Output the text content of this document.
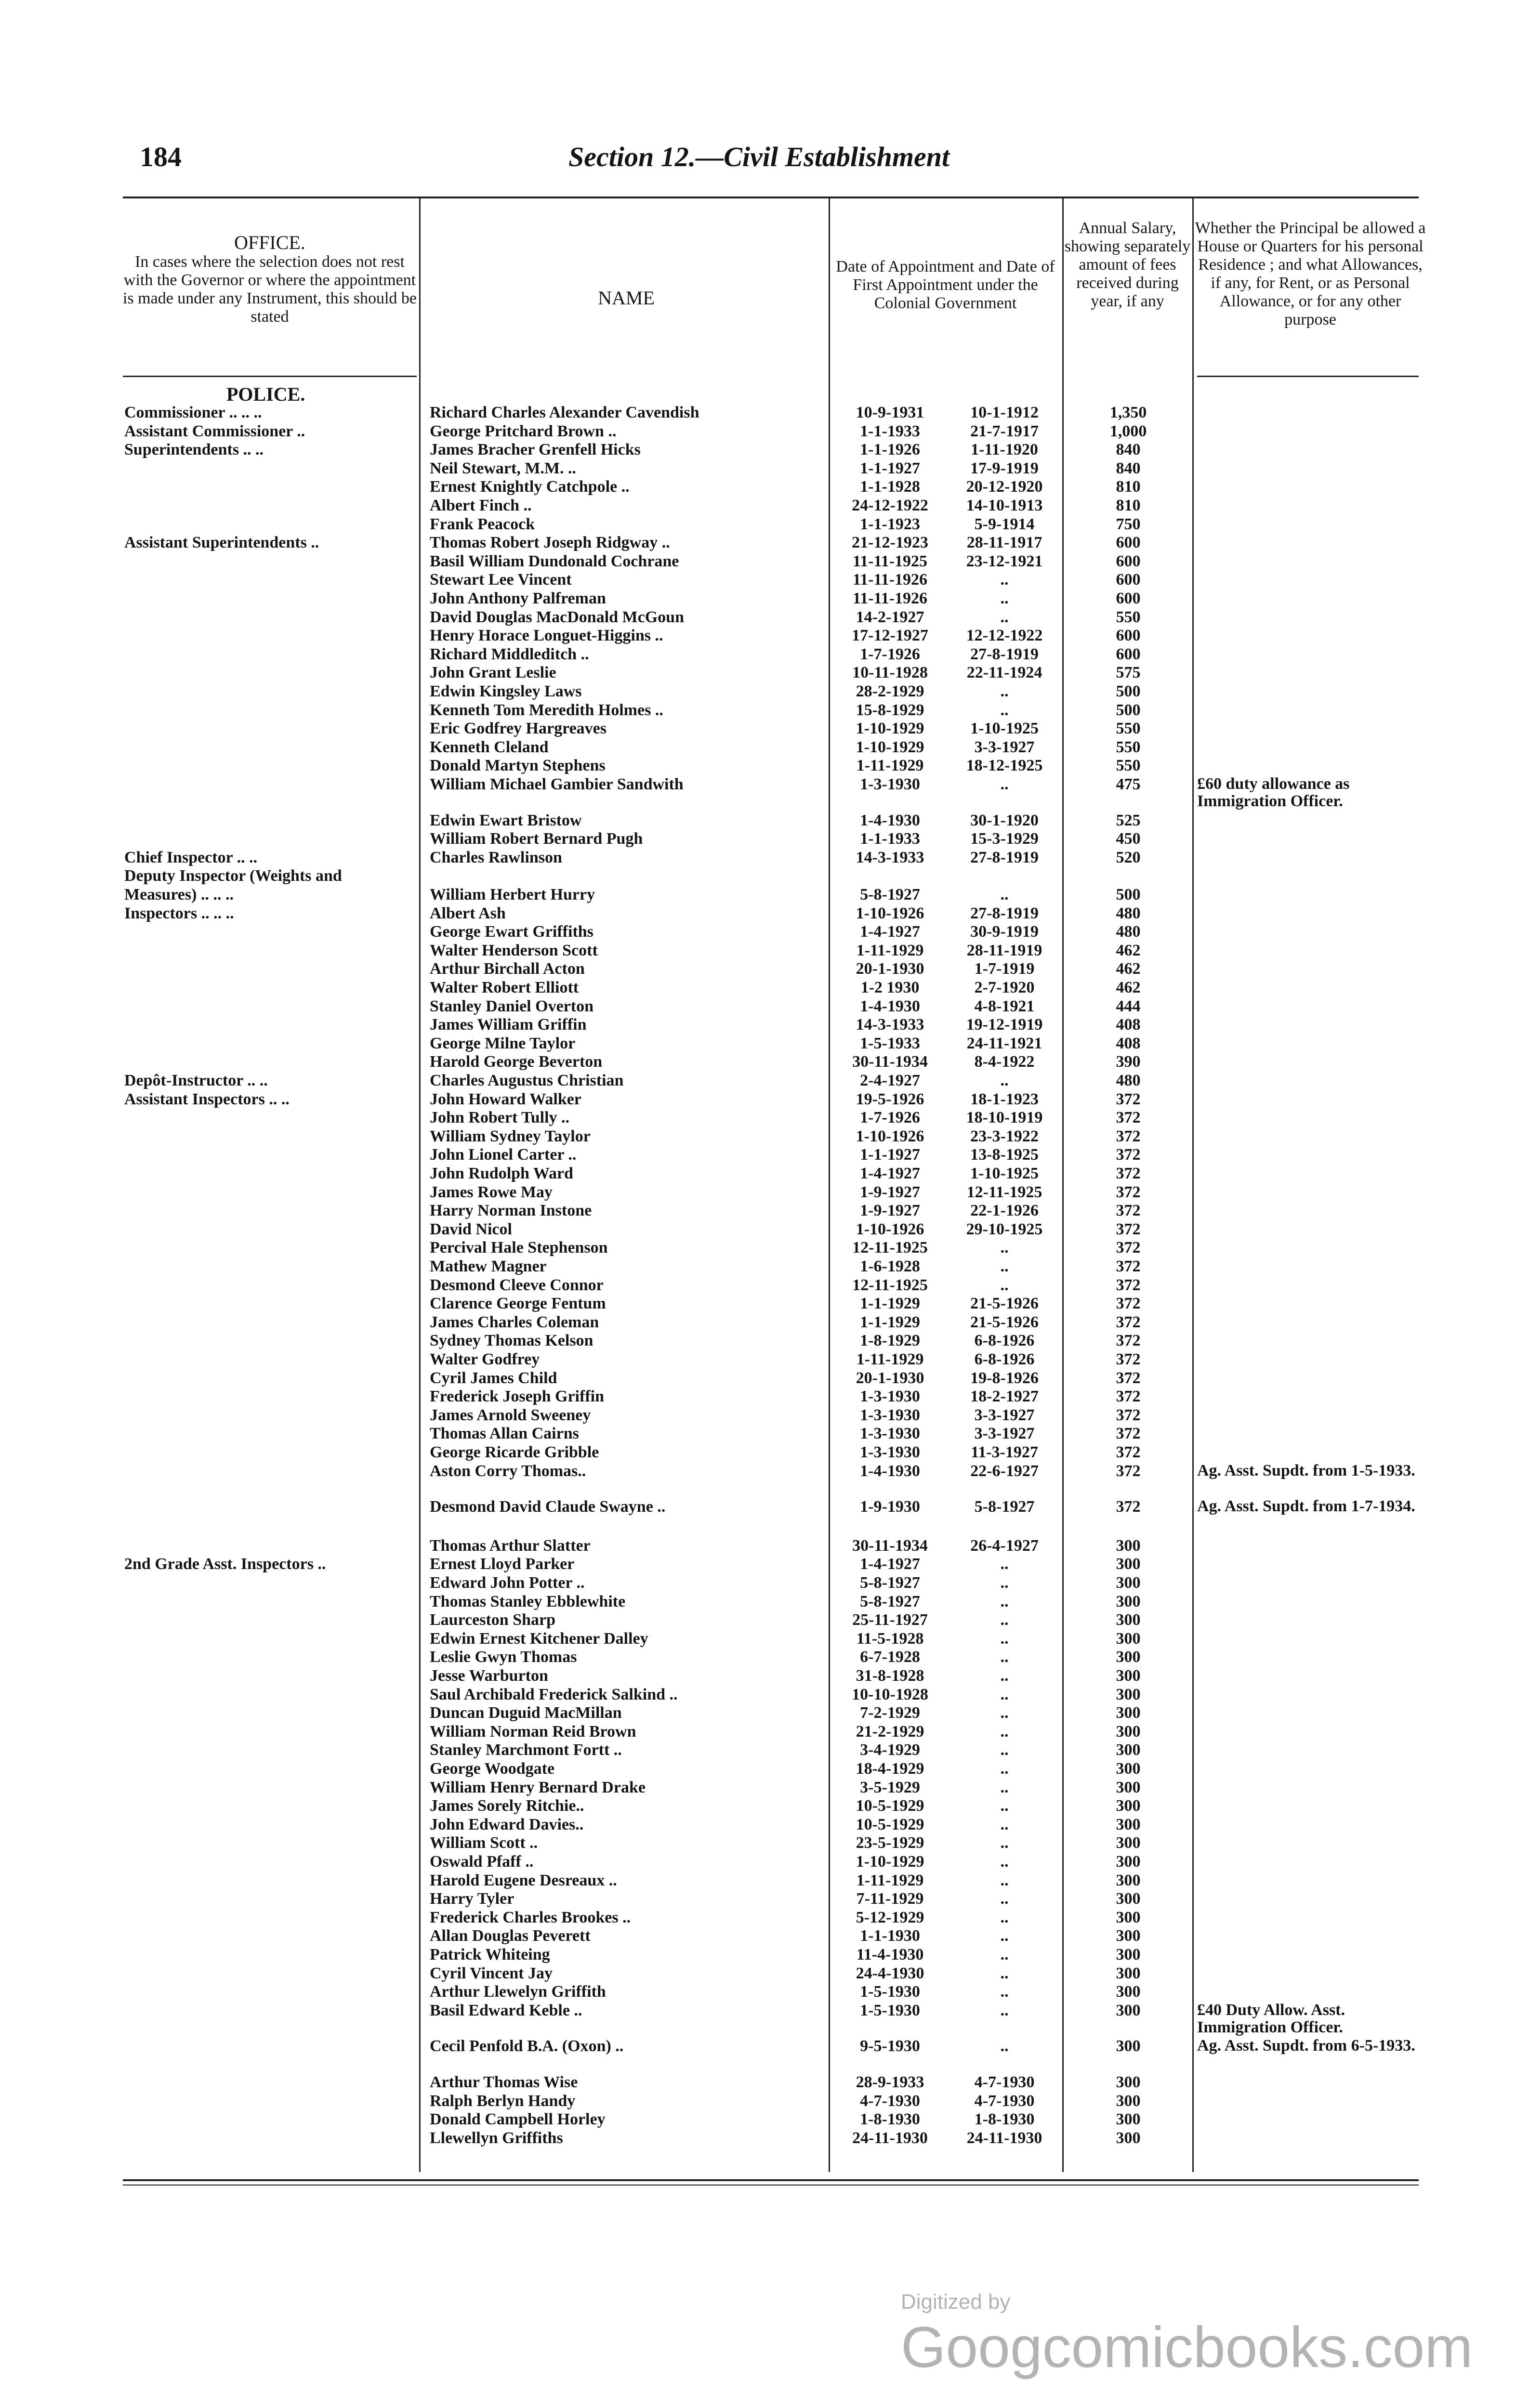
184	Section 12.—Civil Establishment
OFFICE.
In cases where the selection does not rest with the Governor or where the appointment is made under any Instrument, this should be stated
NAME
Date of Appointment and Date of First Appointment under the Colonial Government
Annual Salary, showing separately amount of fees received during year, if any
Whether the Principal be allowed a House or Quarters for his personal Residence ; and what Allowances, if any, for Rent, or as Personal Allowance, or for any other purpose
POLICE.
Commissioner .. .. ..	Richard Charles Alexander Cavendish	10-9-1931	10-1-1912	1,350
Assistant Commissioner ..	George Pritchard Brown ..	1-1-1933	21-7-1917	1,000
Superintendents .. ..	James Bracher Grenfell Hicks	1-1-1926	1-11-1920	840
Neil Stewart, M.M. ..	1-1-1927	17-9-1919	840
Ernest Knightly Catchpole ..	1-1-1928	20-12-1920	810
Albert Finch ..	24-12-1922	14-10-1913	810
Frank Peacock	1-1-1923	5-9-1914	750
Assistant Superintendents ..	Thomas Robert Joseph Ridgway ..	21-12-1923	28-11-1917	600
Basil William Dundonald Cochrane	11-11-1925	23-12-1921	600
Stewart Lee Vincent	11-11-1926	..	600
John Anthony Palfreman	11-11-1926	..	600
David Douglas MacDonald McGoun	14-2-1927	..	550
Henry Horace Longuet-Higgins ..	17-12-1927	12-12-1922	600
Richard Middleditch ..	1-7-1926	27-8-1919	600
John Grant Leslie	10-11-1928	22-11-1924	575
Edwin Kingsley Laws	28-2-1929	..	500
Kenneth Tom Meredith Holmes ..	15-8-1929	..	500
Eric Godfrey Hargreaves	1-10-1929	1-10-1925	550
Kenneth Cleland	1-10-1929	3-3-1927	550
Donald Martyn Stephens	1-11-1929	18-12-1925	550
William Michael Gambier Sandwith	1-3-1930	..	475	£60 duty allowance as Immigration Officer.
Edwin Ewart Bristow	1-4-1930	30-1-1920	525
William Robert Bernard Pugh	1-1-1933	15-3-1929	450
Chief Inspector .. ..	Charles Rawlinson	14-3-1933	27-8-1919	520
Deputy Inspector (Weights and
Measures) .. .. ..	William Herbert Hurry	5-8-1927	..	500
Inspectors .. .. ..	Albert Ash	1-10-1926	27-8-1919	480
George Ewart Griffiths	1-4-1927	30-9-1919	480
Walter Henderson Scott	1-11-1929	28-11-1919	462
Arthur Birchall Acton	20-1-1930	1-7-1919	462
Walter Robert Elliott	1-2 1930	2-7-1920	462
Stanley Daniel Overton	1-4-1930	4-8-1921	444
James William Griffin	14-3-1933	19-12-1919	408
George Milne Taylor	1-5-1933	24-11-1921	408
Harold George Beverton	30-11-1934	8-4-1922	390
Depôt-Instructor .. ..	Charles Augustus Christian	2-4-1927	..	480
Assistant Inspectors .. ..	John Howard Walker	19-5-1926	18-1-1923	372
John Robert Tully ..	1-7-1926	18-10-1919	372
William Sydney Taylor	1-10-1926	23-3-1922	372
John Lionel Carter ..	1-1-1927	13-8-1925	372
John Rudolph Ward	1-4-1927	1-10-1925	372
James Rowe May	1-9-1927	12-11-1925	372
Harry Norman Instone	1-9-1927	22-1-1926	372
David Nicol	1-10-1926	29-10-1925	372
Percival Hale Stephenson	12-11-1925	..	372
Mathew Magner	1-6-1928	..	372
Desmond Cleeve Connor	12-11-1925	..	372
Clarence George Fentum	1-1-1929	21-5-1926	372
James Charles Coleman	1-1-1929	21-5-1926	372
Sydney Thomas Kelson	1-8-1929	6-8-1926	372
Walter Godfrey	1-11-1929	6-8-1926	372
Cyril James Child	20-1-1930	19-8-1926	372
Frederick Joseph Griffin	1-3-1930	18-2-1927	372
James Arnold Sweeney	1-3-1930	3-3-1927	372
Thomas Allan Cairns	1-3-1930	3-3-1927	372
George Ricarde Gribble	1-3-1930	11-3-1927	372
Aston Corry Thomas..	1-4-1930	22-6-1927	372	Ag. Asst. Supdt. from 1-5-1933.
Desmond David Claude Swayne ..	1-9-1930	5-8-1927	372	Ag. Asst. Supdt. from 1-7-1934.
Thomas Arthur Slatter	30-11-1934	26-4-1927	300
2nd Grade Asst. Inspectors ..	Ernest Lloyd Parker	1-4-1927	..	300
Edward John Potter ..	5-8-1927	..	300
Thomas Stanley Ebblewhite	5-8-1927	..	300
Laurceston Sharp	25-11-1927	..	300
Edwin Ernest Kitchener Dalley	11-5-1928	..	300
Leslie Gwyn Thomas	6-7-1928	..	300
Jesse Warburton	31-8-1928	..	300
Saul Archibald Frederick Salkind ..	10-10-1928	..	300
Duncan Duguid MacMillan	7-2-1929	..	300
William Norman Reid Brown	21-2-1929	..	300
Stanley Marchmont Fortt ..	3-4-1929	..	300
George Woodgate	18-4-1929	..	300
William Henry Bernard Drake	3-5-1929	..	300
James Sorely Ritchie..	10-5-1929	..	300
John Edward Davies..	10-5-1929	..	300
William Scott ..	23-5-1929	..	300
Oswald Pfaff ..	1-10-1929	..	300
Harold Eugene Desreaux ..	1-11-1929	..	300
Harry Tyler	7-11-1929	..	300
Frederick Charles Brookes ..	5-12-1929	..	300
Allan Douglas Peverett	1-1-1930	..	300
Patrick Whiteing	11-4-1930	..	300
Cyril Vincent Jay	24-4-1930	..	300
Arthur Llewelyn Griffith	1-5-1930	..	300
Basil Edward Keble ..	1-5-1930	..	300	£40 Duty Allow. Asst. Immigration Officer.
Cecil Penfold B.A. (Oxon) ..	9-5-1930	..	300	Ag. Asst. Supdt. from 6-5-1933.
Arthur Thomas Wise	28-9-1933	4-7-1930	300
Ralph Berlyn Handy	4-7-1930	4-7-1930	300
Donald Campbell Horley	1-8-1930	1-8-1930	300
Llewellyn Griffiths	24-11-1930	24-11-1930	300
Digitized by Googcomicbooks.com
